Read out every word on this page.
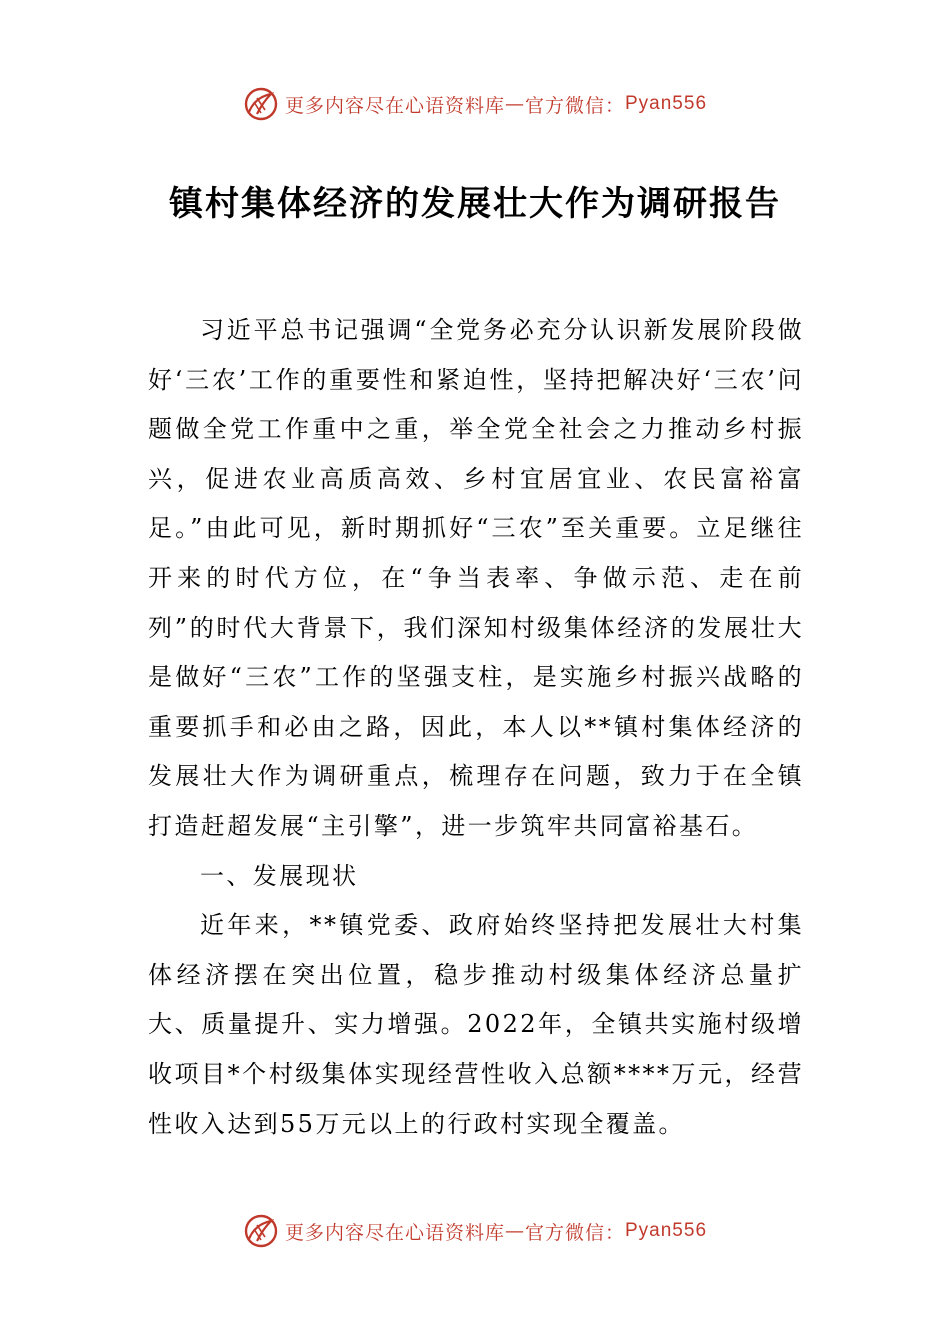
更多内容尽在心语资料库 — 官方微信： Pyan556
镇村集体经济的发展壮大作为调研报告

习近平总书记强调“全党务必充分认识新发展阶段做好‘三农’工作的重要性和紧迫性，坚持把解决好‘三农’问题做全党工作重中之重，举全党全社会之力推动乡村振兴，促进农业高质高效、乡村宜居宜业、农民富裕富足。”由此可见，新时期抓好“三农”至关重要。立足继往开来的时代方位，在“争当表率、争做示范、走在前列”的时代大背景下，我们深知村级集体经济的发展壮大是做好“三农”工作的坚强支柱，是实施乡村振兴战略的重要抓手和必由之路，因此，本人以**镇村集体经济的发展壮大作为调研重点，梳理存在问题，致力于在全镇打造赶超发展“主引擎”，进一步筑牢共同富裕基石。

一、发展现状

近年来，**镇党委、政府始终坚持把发展壮大村集体经济摆在突出位置，稳步推动村级集体经济总量扩大、质量提升、实力增强。2022年，全镇共实施村级增收项目*个村级集体实现经营性收入总额****万元，经营性收入达到55万元以上的行政村实现全覆盖。

更多内容尽在心语资料库 — 官方微信： Pyan556
